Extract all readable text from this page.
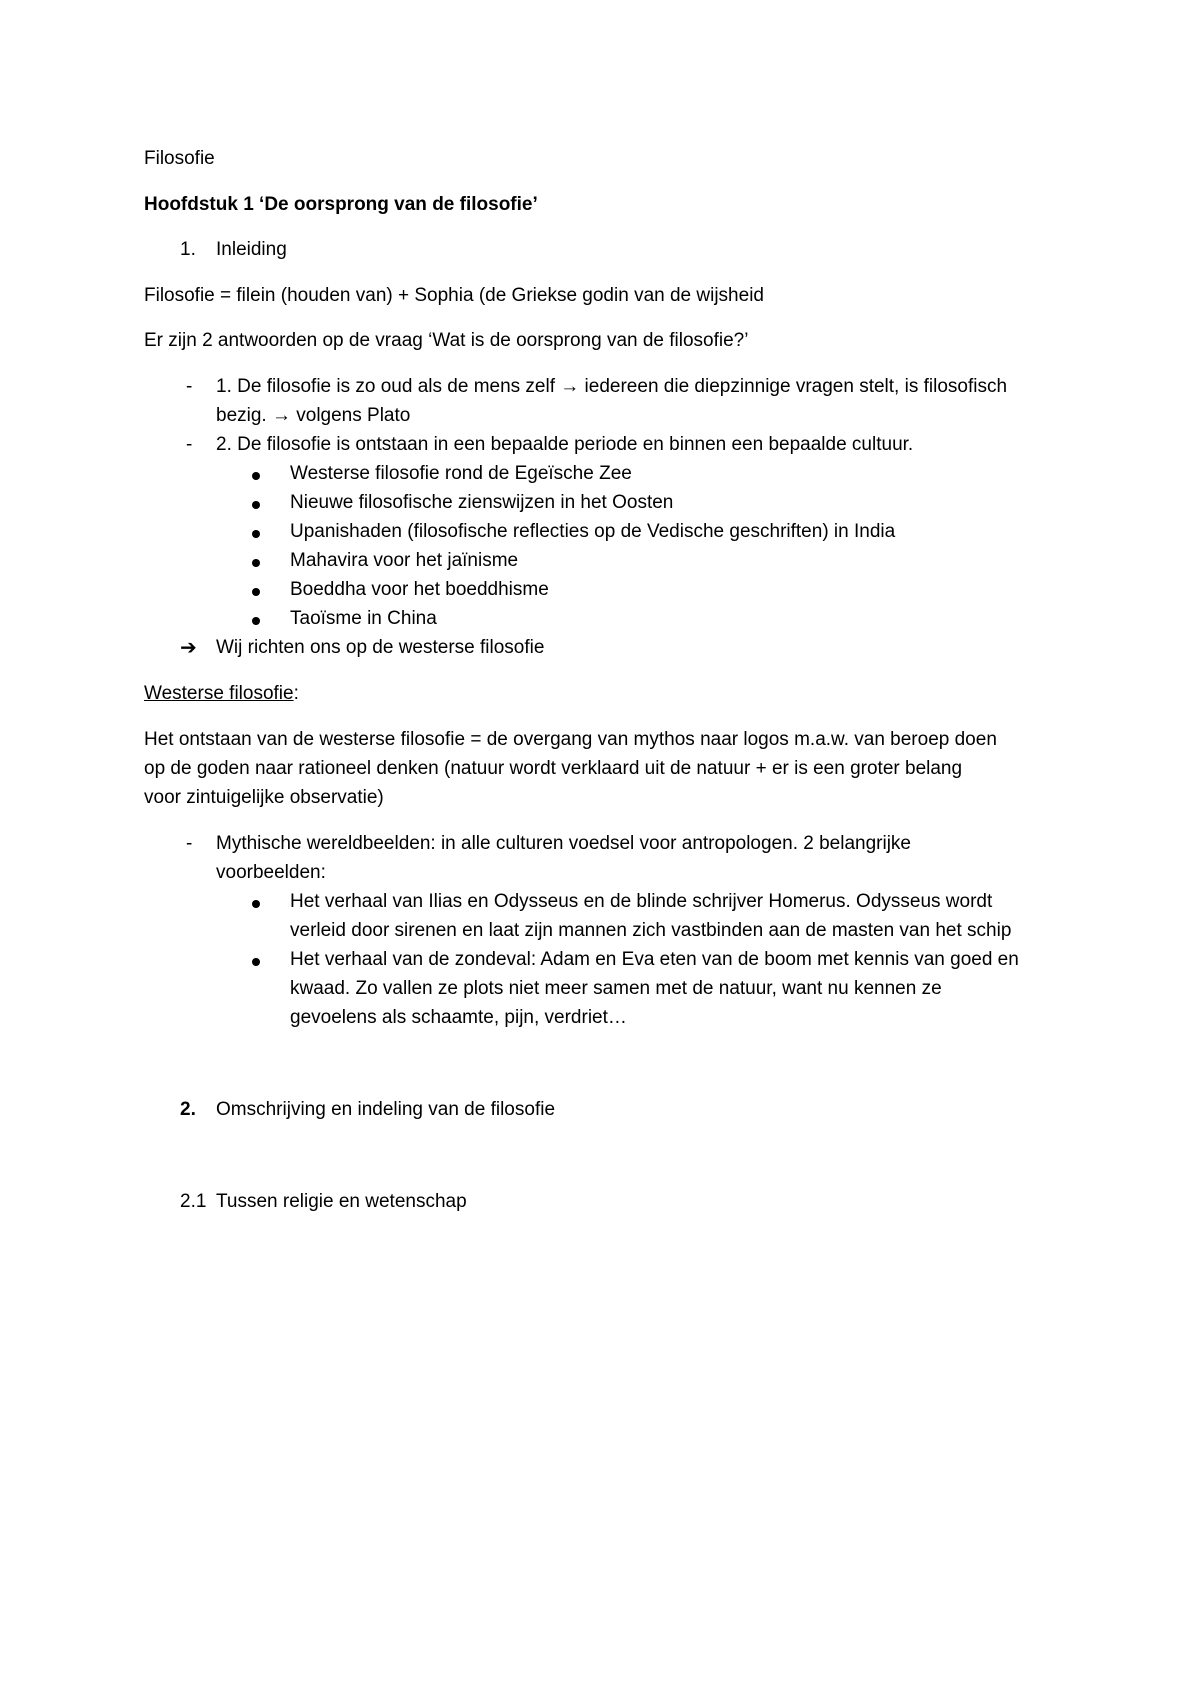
Filosofie
Hoofdstuk 1 ‘De oorsprong van de filosofie’
1. Inleiding
Filosofie = filein (houden van) + Sophia (de Griekse godin van de wijsheid
Er zijn 2 antwoorden op de vraag ‘Wat is de oorsprong van de filosofie?’
-	1. De filosofie is zo oud als de mens zelf → iedereen die diepzinnige vragen stelt, is filosofisch
bezig. → volgens Plato
-	2. De filosofie is ontstaan in een bepaalde periode en binnen een bepaalde cultuur.
Westerse filosofie rond de Egeïsche Zee
Nieuwe filosofische zienswijzen in het Oosten
Upanishaden (filosofische reflecties op de Vedische geschriften) in India
Mahavira voor het jaïnisme
Boeddha voor het boeddhisme
Taoïsme in China
➔ Wij richten ons op de westerse filosofie
Westerse filosofie:
Het ontstaan van de westerse filosofie = de overgang van mythos naar logos m.a.w. van beroep doen
op de goden naar rationeel denken (natuur wordt verklaard uit de natuur + er is een groter belang
voor zintuigelijke observatie)
-	Mythische wereldbeelden: in alle culturen voedsel voor antropologen. 2 belangrijke
voorbeelden:
Het verhaal van Ilias en Odysseus en de blinde schrijver Homerus. Odysseus wordt
verleid door sirenen en laat zijn mannen zich vastbinden aan de masten van het schip
Het verhaal van de zondeval: Adam en Eva eten van de boom met kennis van goed en
kwaad. Zo vallen ze plots niet meer samen met de natuur, want nu kennen ze
gevoelens als schaamte, pijn, verdriet…
2. Omschrijving en indeling van de filosofie
2.1 Tussen religie en wetenschap
